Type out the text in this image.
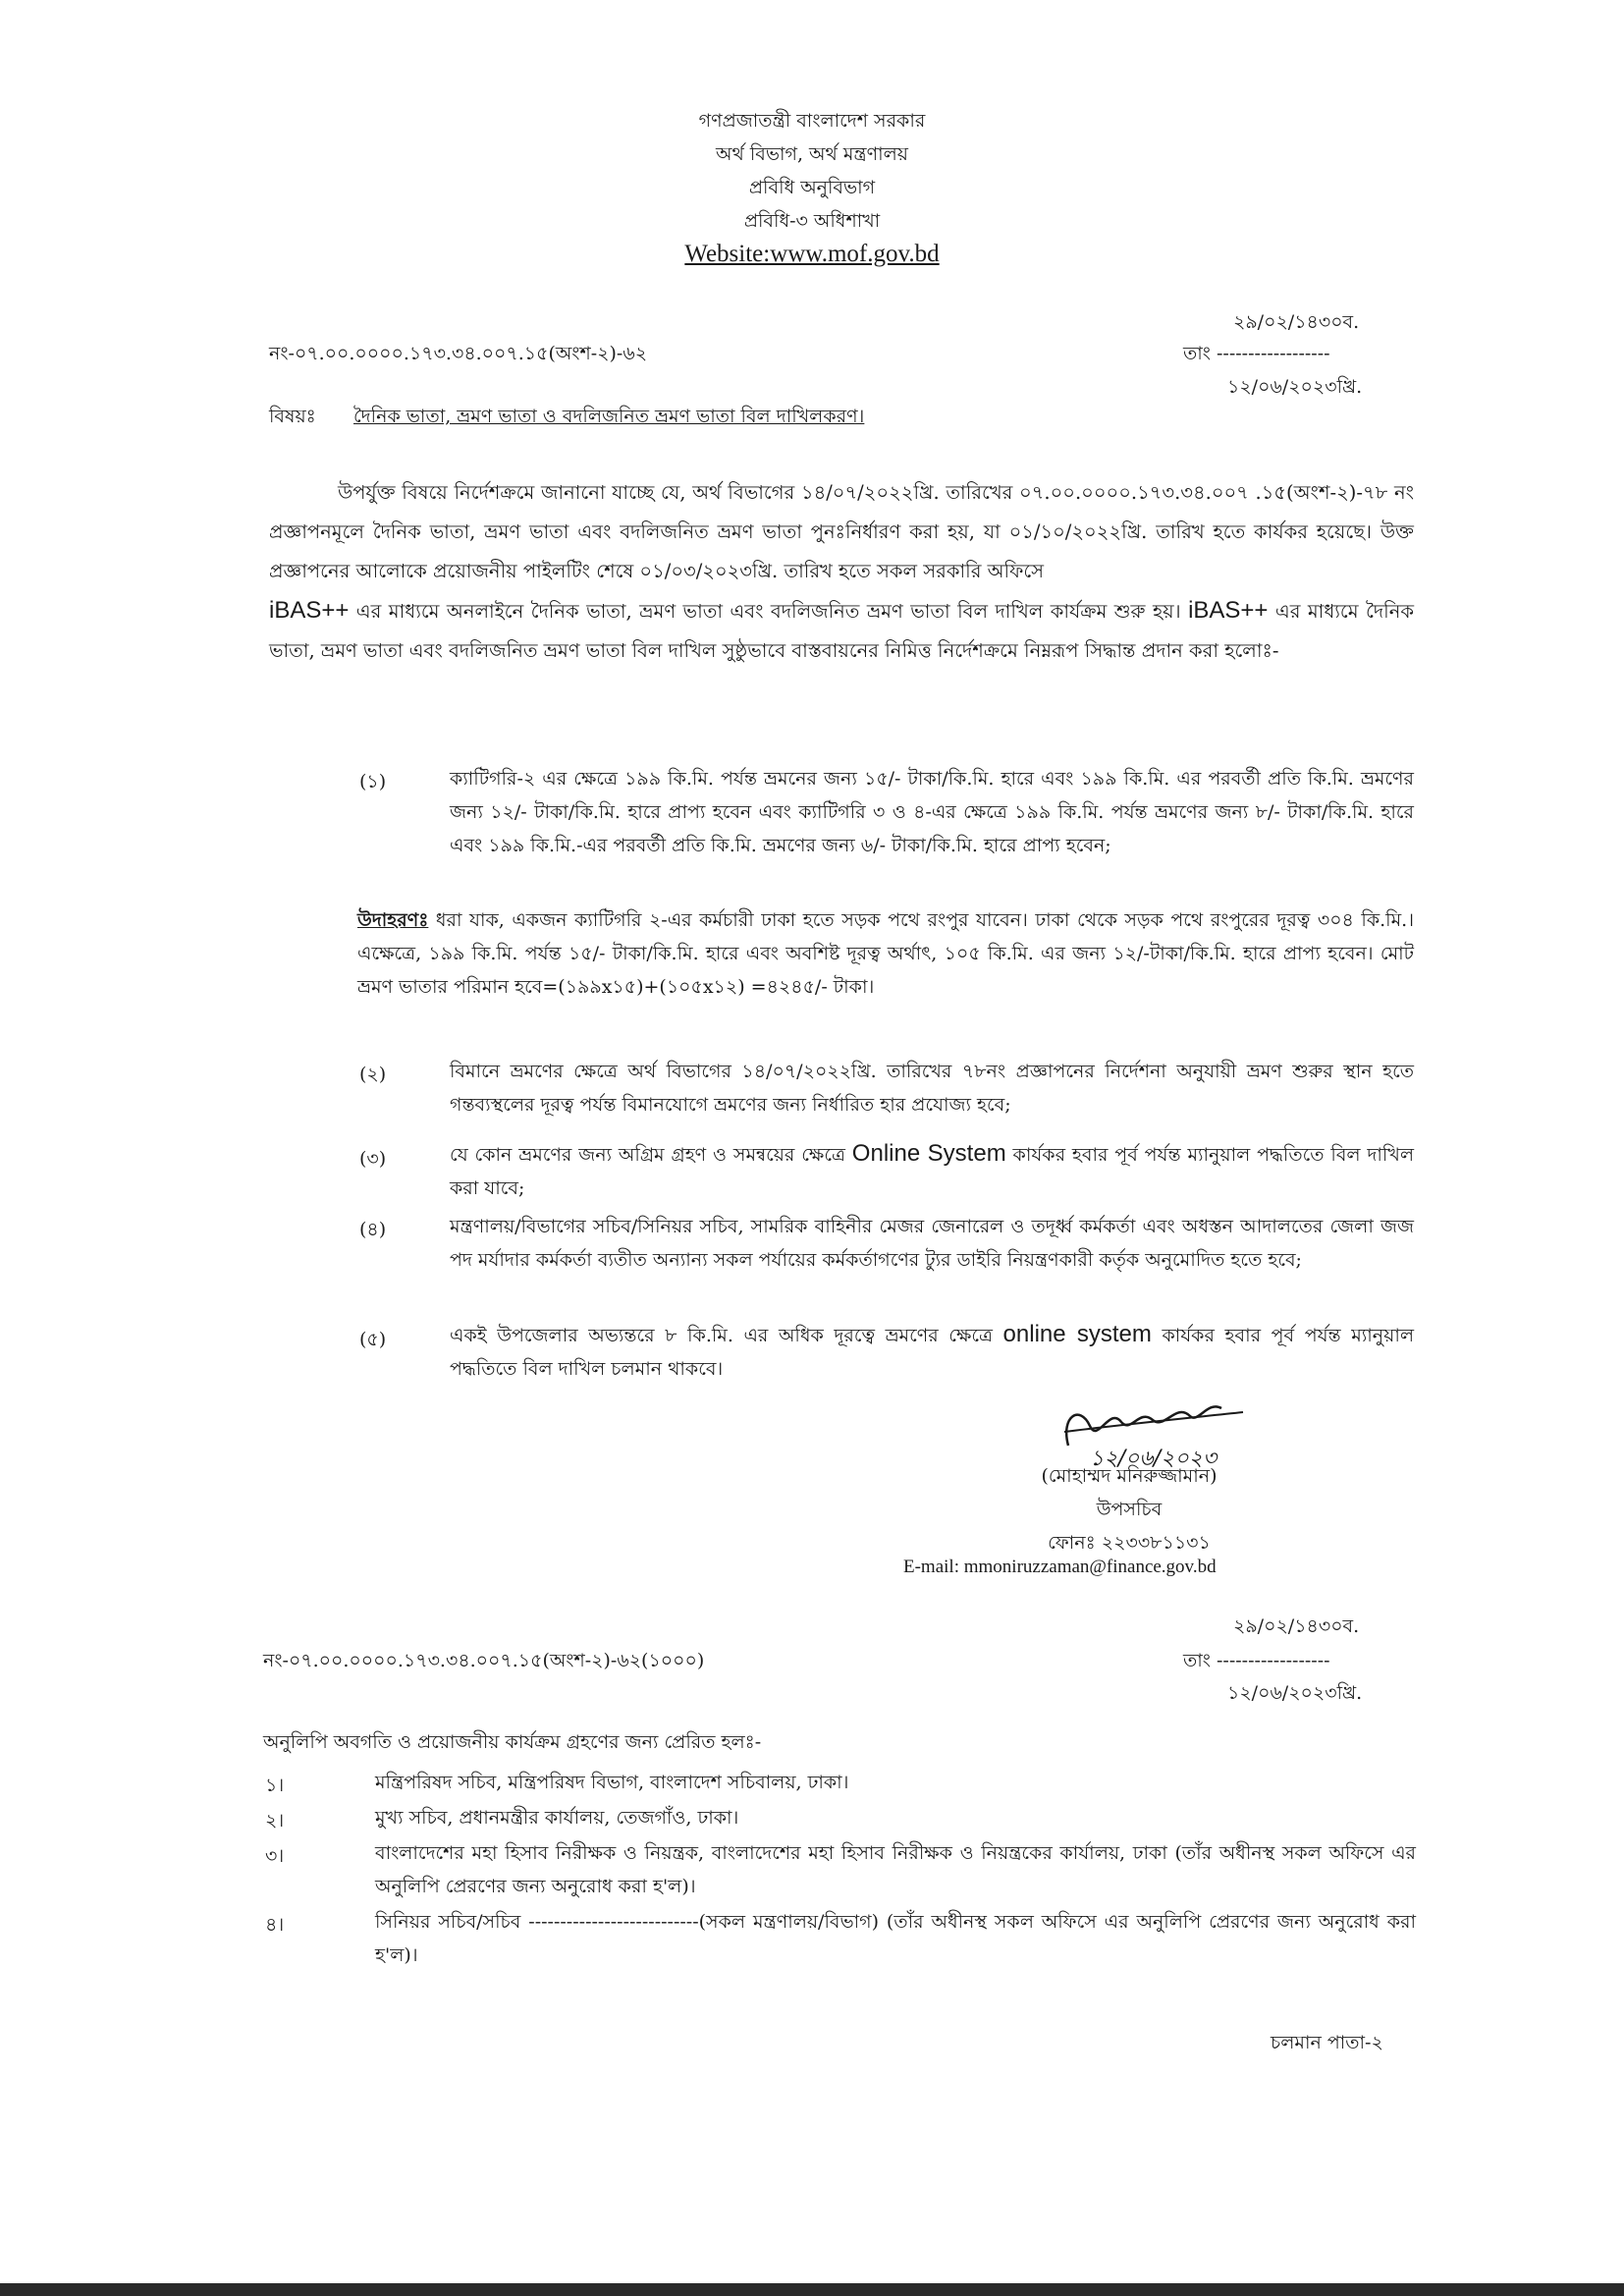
গণপ্রজাতন্ত্রী বাংলাদেশ সরকার
অর্থ বিভাগ, অর্থ মন্ত্রণালয়
প্রবিধি অনুবিভাগ
প্রবিধি-৩ অধিশাখা
Website:www.mof.gov.bd
২৯/০২/১৪৩০ব.
নং-০৭.০০.০০০০.১৭৩.৩৪.০০৭.১৫(অংশ-২)-৬২	তাং ------------------
১২/০৬/২০২৩খ্রি.
বিষয়ঃ দৈনিক ভাতা, ভ্রমণ ভাতা ও বদলিজনিত ভ্রমণ ভাতা বিল দাখিলকরণ।
উপর্যুক্ত বিষয়ে নির্দেশক্রমে জানানো যাচ্ছে যে, অর্থ বিভাগের ১৪/০৭/২০২২খ্রি. তারিখের ০৭.০০.০০০০.১৭৩.৩৪.০০৭ .১৫(অংশ-২)-৭৮ নং প্রজ্ঞাপনমূলে দৈনিক ভাতা, ভ্রমণ ভাতা এবং বদলিজনিত ভ্রমণ ভাতা পুনঃনির্ধারণ করা হয়, যা ০১/১০/২০২২খ্রি. তারিখ হতে কার্যকর হয়েছে। উক্ত প্রজ্ঞাপনের আলোকে প্রয়োজনীয় পাইলটিং শেষে ০১/০৩/২০২৩খ্রি. তারিখ হতে সকল সরকারি অফিসে
iBAS++ এর মাধ্যমে অনলাইনে দৈনিক ভাতা, ভ্রমণ ভাতা এবং বদলিজনিত ভ্রমণ ভাতা বিল দাখিল কার্যক্রম শুরু হয়। iBAS++ এর মাধ্যমে দৈনিক ভাতা, ভ্রমণ ভাতা এবং বদলিজনিত ভ্রমণ ভাতা বিল দাখিল সুষ্ঠুভাবে বাস্তবায়নের নিমিত্ত নির্দেশক্রমে নিম্নরূপ সিদ্ধান্ত প্রদান করা হলোঃ-
(১)	ক্যাটিগরি-২ এর ক্ষেত্রে ১৯৯ কি.মি. পর্যন্ত ভ্রমনের জন্য ১৫/- টাকা/কি.মি. হারে এবং ১৯৯ কি.মি. এর পরবর্তী প্রতি কি.মি. ভ্রমণের জন্য ১২/- টাকা/কি.মি. হারে প্রাপ্য হবেন এবং ক্যাটিগরি ৩ ও ৪-এর ক্ষেত্রে ১৯৯ কি.মি. পর্যন্ত ভ্রমণের জন্য ৮/- টাকা/কি.মি. হারে এবং ১৯৯ কি.মি.-এর পরবর্তী প্রতি কি.মি. ভ্রমণের জন্য ৬/- টাকা/কি.মি. হারে প্রাপ্য হবেন;
উদাহরণঃ ধরা যাক, একজন ক্যাটিগরি ২-এর কর্মচারী ঢাকা হতে সড়ক পথে রংপুর যাবেন। ঢাকা থেকে সড়ক পথে রংপুরের দূরত্ব ৩০৪ কি.মি.। এক্ষেত্রে, ১৯৯ কি.মি. পর্যন্ত ১৫/- টাকা/কি.মি. হারে এবং অবশিষ্ট দূরত্ব অর্থাৎ, ১০৫ কি.মি. এর জন্য ১২/-টাকা/কি.মি. হারে প্রাপ্য হবেন। মোট ভ্রমণ ভাতার পরিমান হবে=(১৯৯x১৫)+(১০৫x১২) =৪২৪৫/- টাকা।
(২)	বিমানে ভ্রমণের ক্ষেত্রে অর্থ বিভাগের ১৪/০৭/২০২২খ্রি. তারিখের ৭৮নং প্রজ্ঞাপনের নির্দেশনা অনুযায়ী ভ্রমণ শুরুর স্থান হতে গন্তব্যস্থলের দূরত্ব পর্যন্ত বিমানযোগে ভ্রমণের জন্য নির্ধারিত হার প্রযোজ্য হবে;
(৩)	যে কোন ভ্রমণের জন্য অগ্রিম গ্রহণ ও সমন্বয়ের ক্ষেত্রে Online System কার্যকর হবার পূর্ব পর্যন্ত ম্যানুয়াল পদ্ধতিতে বিল দাখিল করা যাবে;
(৪)	মন্ত্রণালয়/বিভাগের সচিব/সিনিয়র সচিব, সামরিক বাহিনীর মেজর জেনারেল ও তদূর্ধ্ব কর্মকর্তা এবং অধস্তন আদালতের জেলা জজ পদ মর্যাদার কর্মকর্তা ব্যতীত অন্যান্য সকল পর্যায়ের কর্মকর্তাগণের ট্যুর ডাইরি নিয়ন্ত্রণকারী কর্তৃক অনুমোদিত হতে হবে;
(৫)	একই উপজেলার অভ্যন্তরে ৮ কি.মি. এর অধিক দূরত্বে ভ্রমণের ক্ষেত্রে online system কার্যকর হবার পূর্ব পর্যন্ত ম্যানুয়াল পদ্ধতিতে বিল দাখিল চলমান থাকবে।
১২/০৬/২০২৩
(মোহাম্মদ মনিরুজ্জামান)
উপসচিব
ফোনঃ ২২৩৩৮১১৩১
E-mail: mmoniruzzaman@finance.gov.bd
২৯/০২/১৪৩০ব.
নং-০৭.০০.০০০০.১৭৩.৩৪.০০৭.১৫(অংশ-২)-৬২(১০০০)	তাং ------------------
১২/০৬/২০২৩খ্রি.
অনুলিপি অবগতি ও প্রয়োজনীয় কার্যক্রম গ্রহণের জন্য প্রেরিত হলঃ-
১।	মন্ত্রিপরিষদ সচিব, মন্ত্রিপরিষদ বিভাগ, বাংলাদেশ সচিবালয়, ঢাকা।
২।	মুখ্য সচিব, প্রধানমন্ত্রীর কার্যালয়, তেজগাঁও, ঢাকা।
৩।	বাংলাদেশের মহা হিসাব নিরীক্ষক ও নিয়ন্ত্রক, বাংলাদেশের মহা হিসাব নিরীক্ষক ও নিয়ন্ত্রকের কার্যালয়, ঢাকা (তাঁর অধীনস্থ সকল অফিসে এর অনুলিপি প্রেরণের জন্য অনুরোধ করা হ'ল)।
৪।	সিনিয়র সচিব/সচিব ---------------------------(সকল মন্ত্রণালয়/বিভাগ) (তাঁর অধীনস্থ সকল অফিসে এর অনুলিপি প্রেরণের জন্য অনুরোধ করা হ'ল)।
চলমান পাতা-২
